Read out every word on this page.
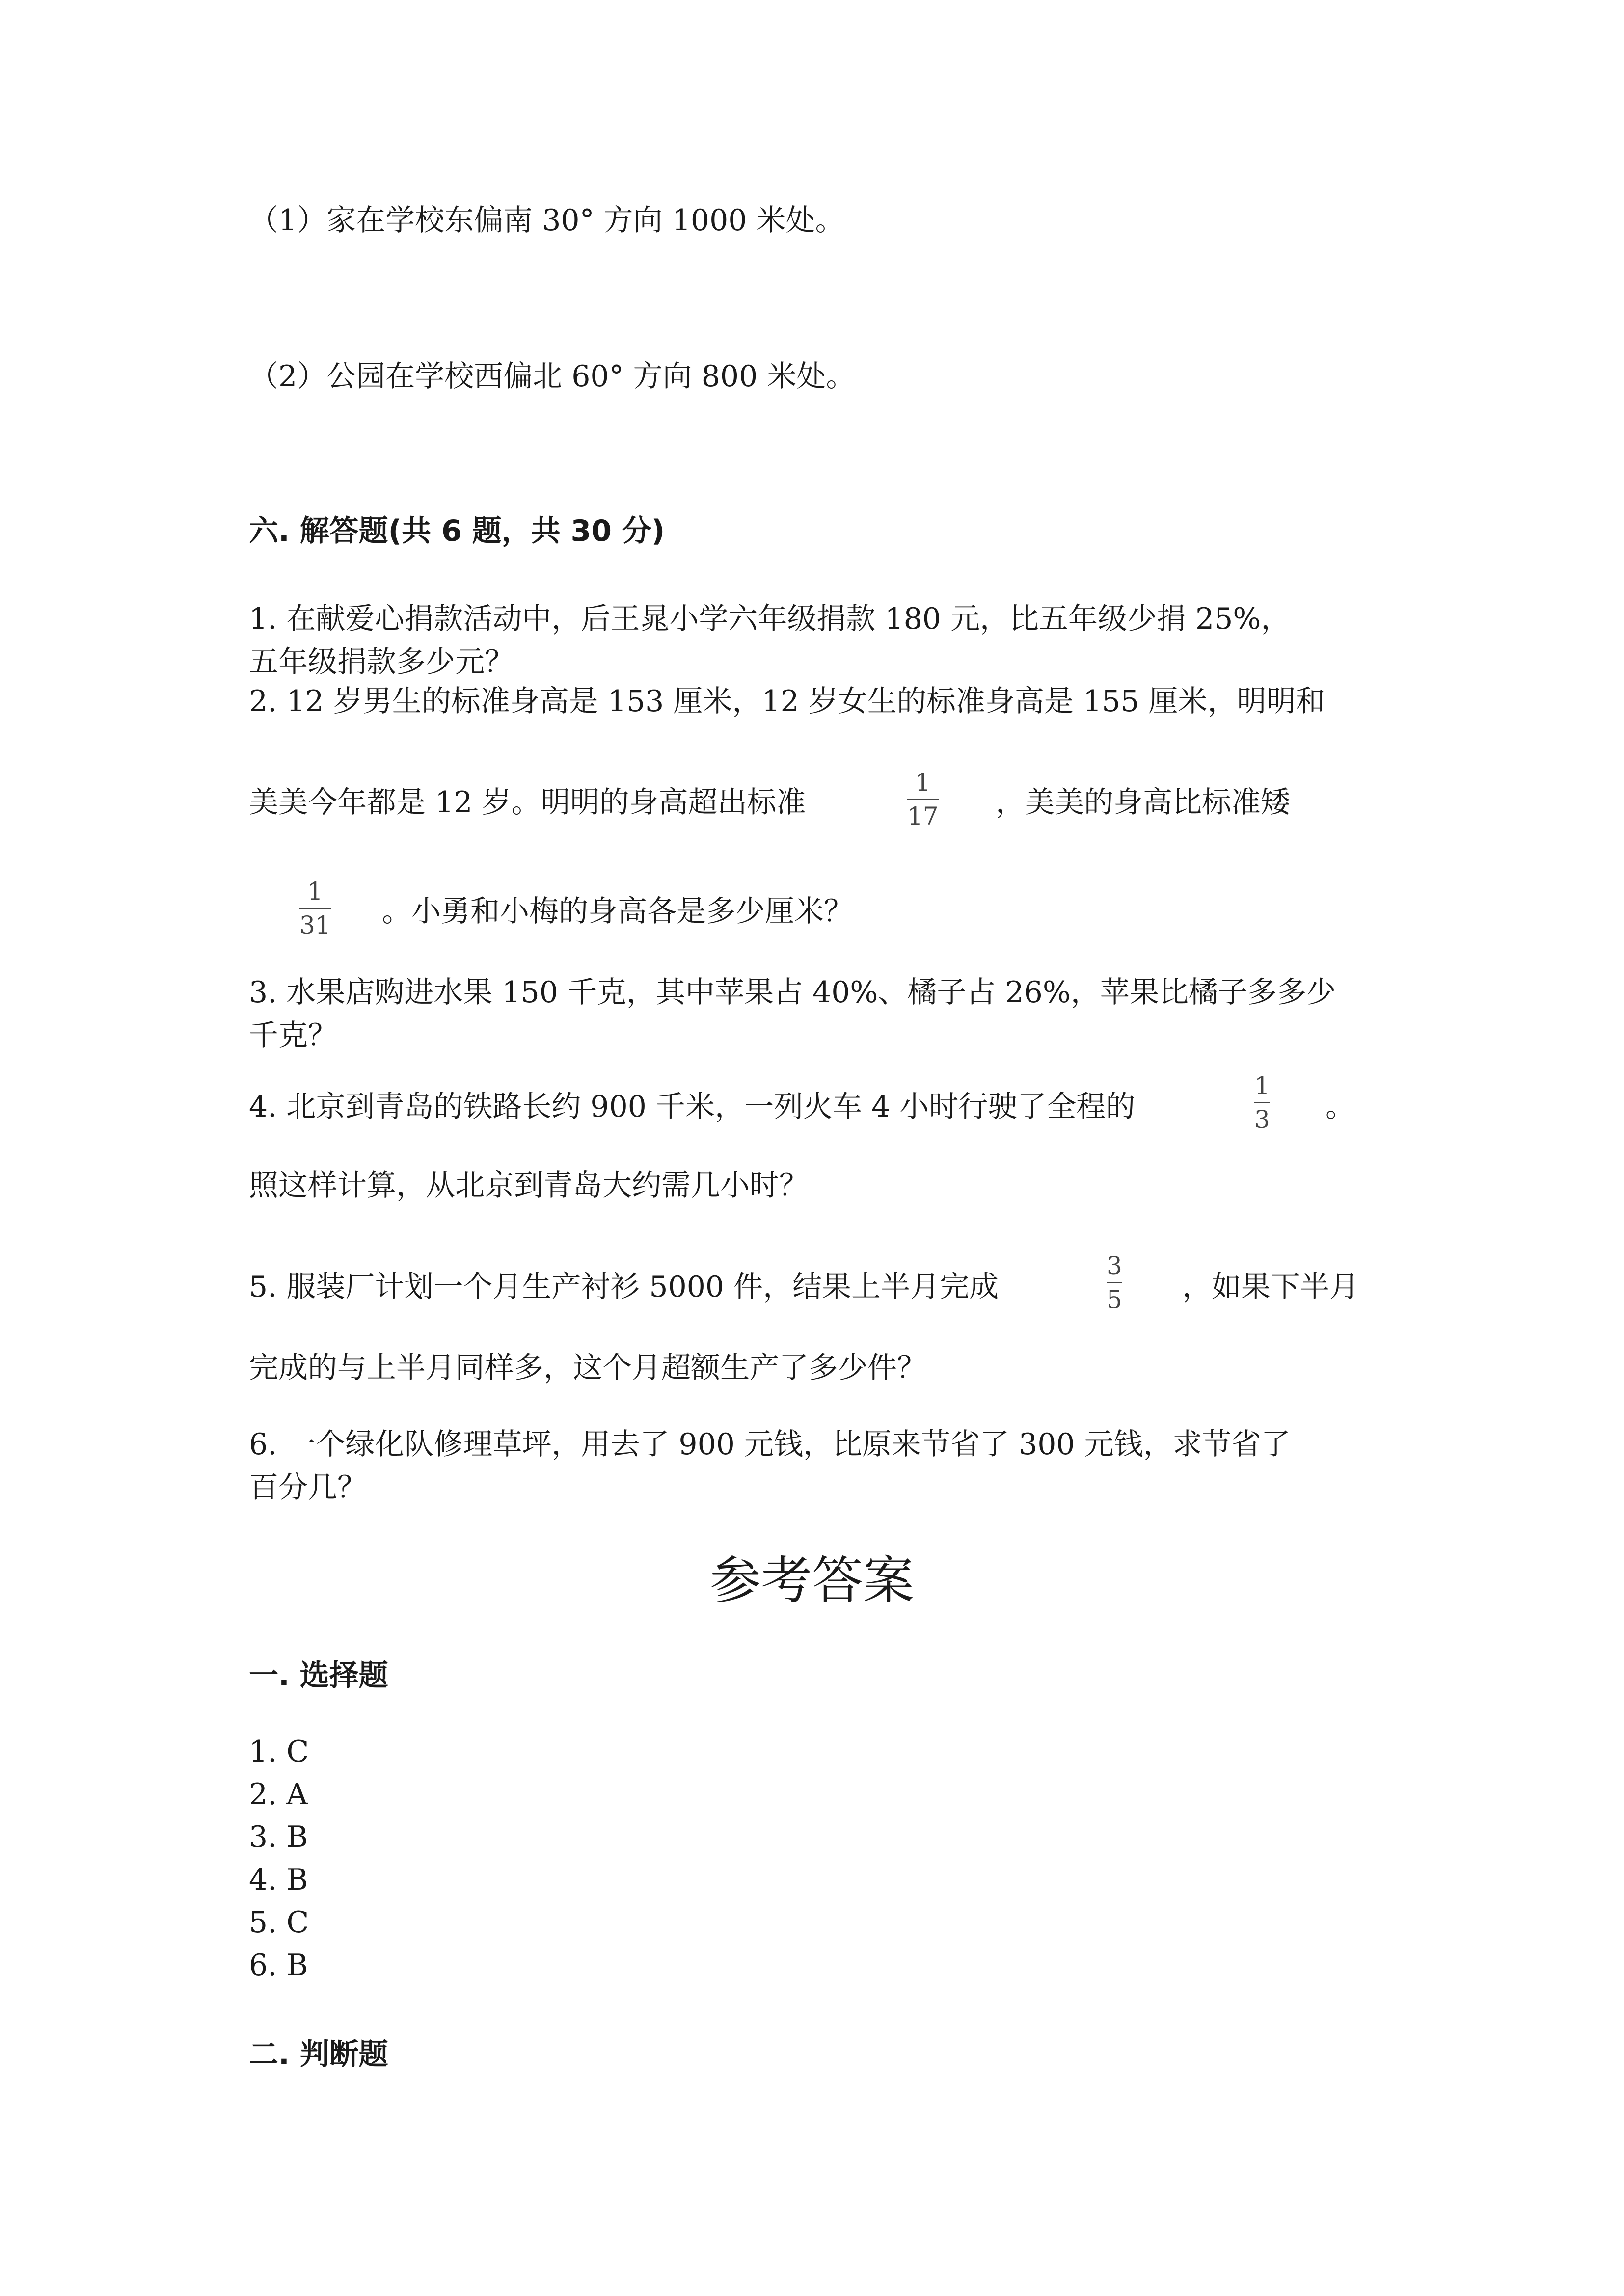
（1）家在学校东偏南 30° 方向 1000 米处。
（2）公园在学校西偏北 60° 方向 800 米处。
六. 解答题(共 6 题，共 30 分)
1. 在献爱心捐款活动中，后王晁小学六年级捐款 180 元，比五年级少捐 25%，
五年级捐款多少元？
2. 12 岁男生的标准身高是 153 厘米，12 岁女生的标准身高是 155 厘米，明明和
美美今年都是 12 岁。明明的身高超出标准
1
17 ，美美的身高比标准矮
1
31 。小勇和小梅的身高各是多少厘米？
3. 水果店购进水果 150 千克，其中苹果占 40%、橘子占 26%，苹果比橘子多多少
千克？
4. 北京到青岛的铁路长约 900 千米，一列火车 4 小时行驶了全程的
1
3 。
照这样计算，从北京到青岛大约需几小时？
5. 服装厂计划一个月生产衬衫 5000 件，结果上半月完成
3
5 ，如果下半月
完成的与上半月同样多，这个月超额生产了多少件？
6. 一个绿化队修理草坪，用去了 900 元钱，比原来节省了 300 元钱，求节省了
百分几？
参考答案
一. 选择题
1. C
2. A
3. B
4. B
5. C
6. B
二. 判断题
